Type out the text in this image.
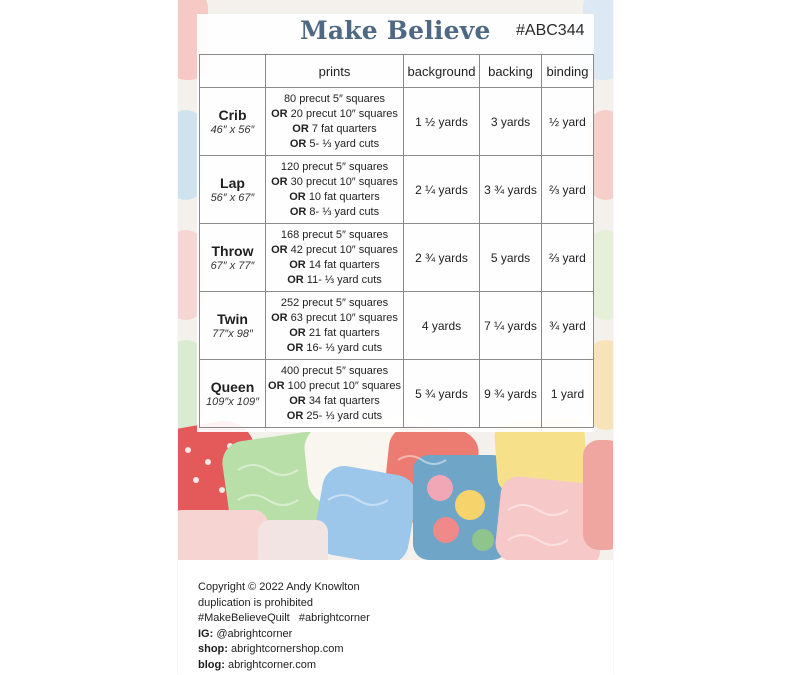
Make Believe #ABC344
	prints	background	backing	binding

Crib
46″ x 56″	80 precut 5″ squares
OR 20 precut 10″ squares
OR 7 fat quarters
OR 5- ⅓ yard cuts	1 ½ yards	3 yards	½ yard

Lap
56″ x 67″	120 precut 5″ squares
OR 30 precut 10″ squares
OR 10 fat quarters
OR 8- ⅓ yard cuts	2 ¼ yards	3 ¾ yards	⅔ yard

Throw
67″ x 77″	168 precut 5″ squares
OR 42 precut 10″ squares
OR 14 fat quarters
OR 11- ⅓ yard cuts	2 ¾ yards	5 yards	⅔ yard

Twin
77″x 98″	252 precut 5″ squares
OR 63 precut 10″ squares
OR 21 fat quarters
OR 16- ⅓ yard cuts	4 yards	7 ¼ yards	¾ yard

Queen
109″x 109″	400 precut 5″ squares
OR 100 precut 10″ squares
OR 34 fat quarters
OR 25- ⅓ yard cuts	5 ¾ yards	9 ¾ yards	1 yard
Copyright © 2022 Andy Knowlton
duplication is prohibited
#MakeBelieveQuilt   #abrightcorner
IG: @abrightcorner
shop: abrightcornershop.com
blog: abrightcorner.com
